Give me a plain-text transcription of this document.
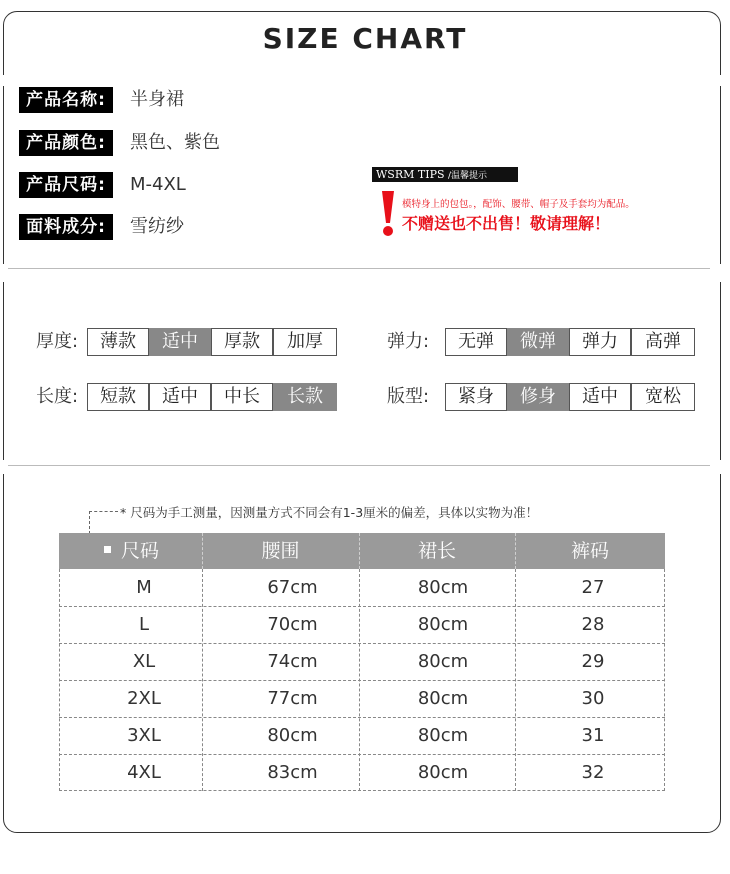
SIZE CHART
产品名称:	半身裙
产品颜色:	黑色、紫色
产品尺码:	M-4XL
面料成分:	雪纺纱
WSRM TIPS /温馨提示
模特身上的包包。，配饰、腰带、帽子及手套均为配品。
不赠送也不出售！敬请理解！
厚度:	薄款	适中	厚款	加厚	弹力:	无弹	微弹	弹力	高弹
长度:	短款	适中	中长	长款	版型:	紧身	修身	适中	宽松
* 尺码为手工测量，因测量方式不同会有1-3厘米的偏差，具体以实物为准！
尺码	腰围	裙长	裤码
M	67cm	80cm	27
L	70cm	80cm	28
XL	74cm	80cm	29
2XL	77cm	80cm	30
3XL	80cm	80cm	31
4XL	83cm	80cm	32
